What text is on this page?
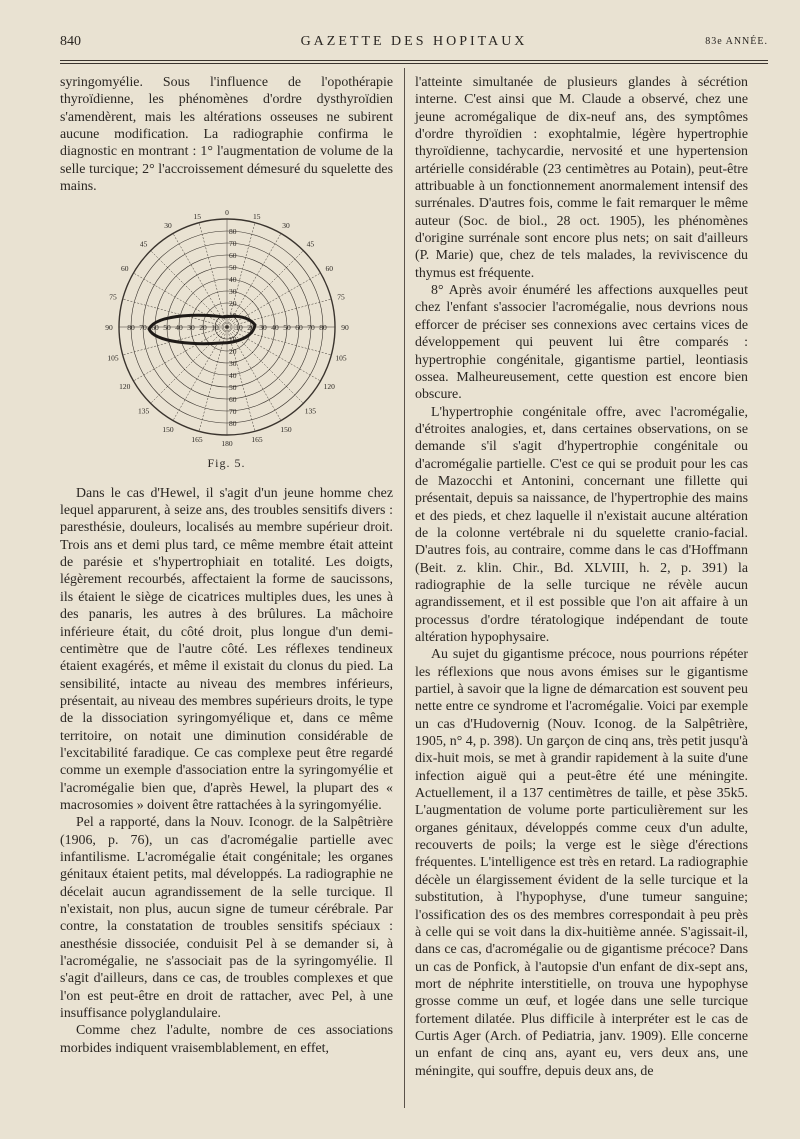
840	GAZETTE DES HOPITAUX	83e ANNÉE.

syringomyélie. Sous l'influence de l'opothérapie thyroïdienne, les phénomènes d'ordre dysthyroïdien s'amendèrent, mais les altérations osseuses ne subirent aucune modification. La radiographie confirma le diagnostic en montrant : 1° l'augmentation de volume de la selle turcique; 2° l'accroissement démesuré du squelette des mains.

15	0	15
165	180	165
30
45
60
75
90
105
120
135
150
30
45
60
75
90
105
120
135
150
80
70
60
50
40
30
20
10
10
20
30
40
50
60
70
80
80 70 60 50 40 30 20 10 10 20 30 40 50 60 70 80
Fig. 5.

Dans le cas d'Hewel, il s'agit d'un jeune homme chez lequel apparurent, à seize ans, des troubles sensitifs divers : paresthésie, douleurs, localisés au membre supérieur droit. Trois ans et demi plus tard, ce même membre était atteint de parésie et s'hypertrophiait en totalité. Les doigts, légèrement recourbés, affectaient la forme de saucissons, ils étaient le siège de cicatrices multiples dues, les unes à des panaris, les autres à des brûlures. La mâchoire inférieure était, du côté droit, plus longue d'un demi-centimètre que de l'autre côté. Les réflexes tendineux étaient exagérés, et même il existait du clonus du pied. La sensibilité, intacte au niveau des membres inférieurs, présentait, au niveau des membres supérieurs droits, le type de la dissociation syringomyélique et, dans ce même territoire, on notait une diminution considérable de l'excitabilité faradique. Ce cas complexe peut être regardé comme un exemple d'association entre la syringomyélie et l'acromégalie bien que, d'après Hewel, la plupart des « macrosomies » doivent être rattachées à la syringomyélie.

Pel a rapporté, dans la Nouv. Iconogr. de la Salpêtrière (1906, p. 76), un cas d'acromégalie partielle avec infantilisme. L'acromégalie était congénitale; les organes génitaux étaient petits, mal développés. La radiographie ne décelait aucun agrandissement de la selle turcique. Il n'existait, non plus, aucun signe de tumeur cérébrale. Par contre, la constatation de troubles sensitifs spéciaux : anesthésie dissociée, conduisit Pel à se demander si, à l'acromégalie, ne s'associait pas de la syringomyélie. Il s'agit d'ailleurs, dans ce cas, de troubles complexes et que l'on est peut-être en droit de rattacher, avec Pel, à une insuffisance polyglandulaire.

Comme chez l'adulte, nombre de ces associations morbides indiquent vraisemblablement, en effet,

l'atteinte simultanée de plusieurs glandes à sécrétion interne. C'est ainsi que M. Claude a observé, chez une jeune acromégalique de dix-neuf ans, des symptômes d'ordre thyroïdien : exophtalmie, légère hypertrophie thyroïdienne, tachycardie, nervosité et une hypertension artérielle considérable (23 centimètres au Potain), peut-être attribuable à un fonctionnement anormalement intensif des surrénales. D'autres fois, comme le fait remarquer le même auteur (Soc. de biol., 28 oct. 1905), les phénomènes d'origine surrénale sont encore plus nets; on sait d'ailleurs (P. Marie) que, chez de tels malades, la reviviscence du thymus est fréquente.

8° Après avoir énuméré les affections auxquelles peut chez l'enfant s'associer l'acromégalie, nous devrions nous efforcer de préciser ses connexions avec certains vices de développement qui peuvent lui être comparés : hypertrophie congénitale, gigantisme partiel, leontiasis ossea. Malheureusement, cette question est encore bien obscure.

L'hypertrophie congénitale offre, avec l'acromégalie, d'étroites analogies, et, dans certaines observations, on se demande s'il s'agit d'hypertrophie congénitale ou d'acromégalie partielle. C'est ce qui se produit pour les cas de Mazocchi et Antonini, concernant une fillette qui présentait, depuis sa naissance, de l'hypertrophie des mains et des pieds, et chez laquelle il n'existait aucune altération de la colonne vertébrale ni du squelette cranio-facial. D'autres fois, au contraire, comme dans le cas d'Hoffmann (Beit. z. klin. Chir., Bd. XLVIII, h. 2, p. 391) la radiographie de la selle turcique ne révèle aucun agrandissement, et il est possible que l'on ait affaire à un processus d'ordre tératologique indépendant de toute altération hypophysaire.

Au sujet du gigantisme précoce, nous pourrions répéter les réflexions que nous avons émises sur le gigantisme partiel, à savoir que la ligne de démarcation est souvent peu nette entre ce syndrome et l'acromégalie. Voici par exemple un cas d'Hudovernig (Nouv. Iconog. de la Salpêtrière, 1905, n° 4, p. 398). Un garçon de cinq ans, très petit jusqu'à dix-huit mois, se met à grandir rapidement à la suite d'une infection aiguë qui a peut-être été une méningite. Actuellement, il a 137 centimètres de taille, et pèse 35k5. L'augmentation de volume porte particulièrement sur les organes génitaux, développés comme ceux d'un adulte, recouverts de poils; la verge est le siège d'érections fréquentes. L'intelligence est très en retard. La radiographie décèle un élargissement évident de la selle turcique et la substitution, à l'hypophyse, d'une tumeur sanguine; l'ossification des os des membres correspondait à peu près à celle qui se voit dans la dix-huitième année. S'agissait-il, dans ce cas, d'acromégalie ou de gigantisme précoce? Dans un cas de Ponfick, à l'autopsie d'un enfant de dix-sept ans, mort de néphrite interstitielle, on trouva une hypophyse grosse comme un œuf, et logée dans une selle turcique fortement dilatée. Plus difficile à interpréter est le cas de Curtis Ager (Arch. of Pediatria, janv. 1909). Elle concerne un enfant de cinq ans, ayant eu, vers deux ans, une méningite, qui souffre, depuis deux ans, de
